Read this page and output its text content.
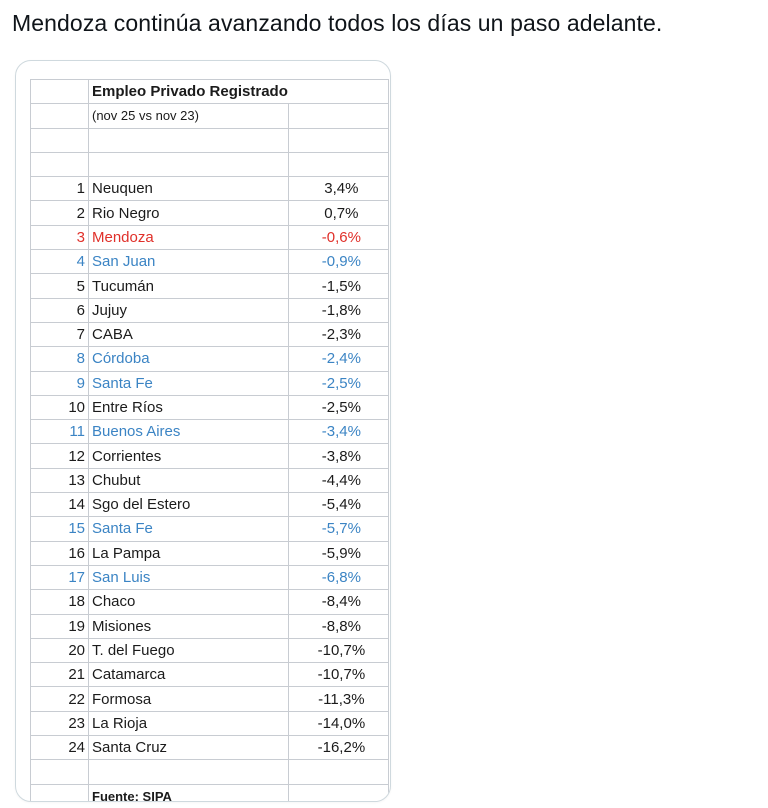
Mendoza continúa avanzando todos los días un paso adelante.
	Empleo Privado Registrado	
	(nov 25 vs nov 23)	

1	Neuquen	3,4%
2	Rio Negro	0,7%
3	Mendoza	-0,6%
4	San Juan	-0,9%
5	Tucumán	-1,5%
6	Jujuy	-1,8%
7	CABA	-2,3%
8	Córdoba	-2,4%
9	Santa Fe	-2,5%
10	Entre Ríos	-2,5%
11	Buenos Aires	-3,4%
12	Corrientes	-3,8%
13	Chubut	-4,4%
14	Sgo del Estero	-5,4%
15	Santa Fe	-5,7%
16	La Pampa	-5,9%
17	San Luis	-6,8%
18	Chaco	-8,4%
19	Misiones	-8,8%
20	T. del Fuego	-10,7%
21	Catamarca	-10,7%
22	Formosa	-11,3%
23	La Rioja	-14,0%
24	Santa Cruz	-16,2%

	Fuente: SIPA	
